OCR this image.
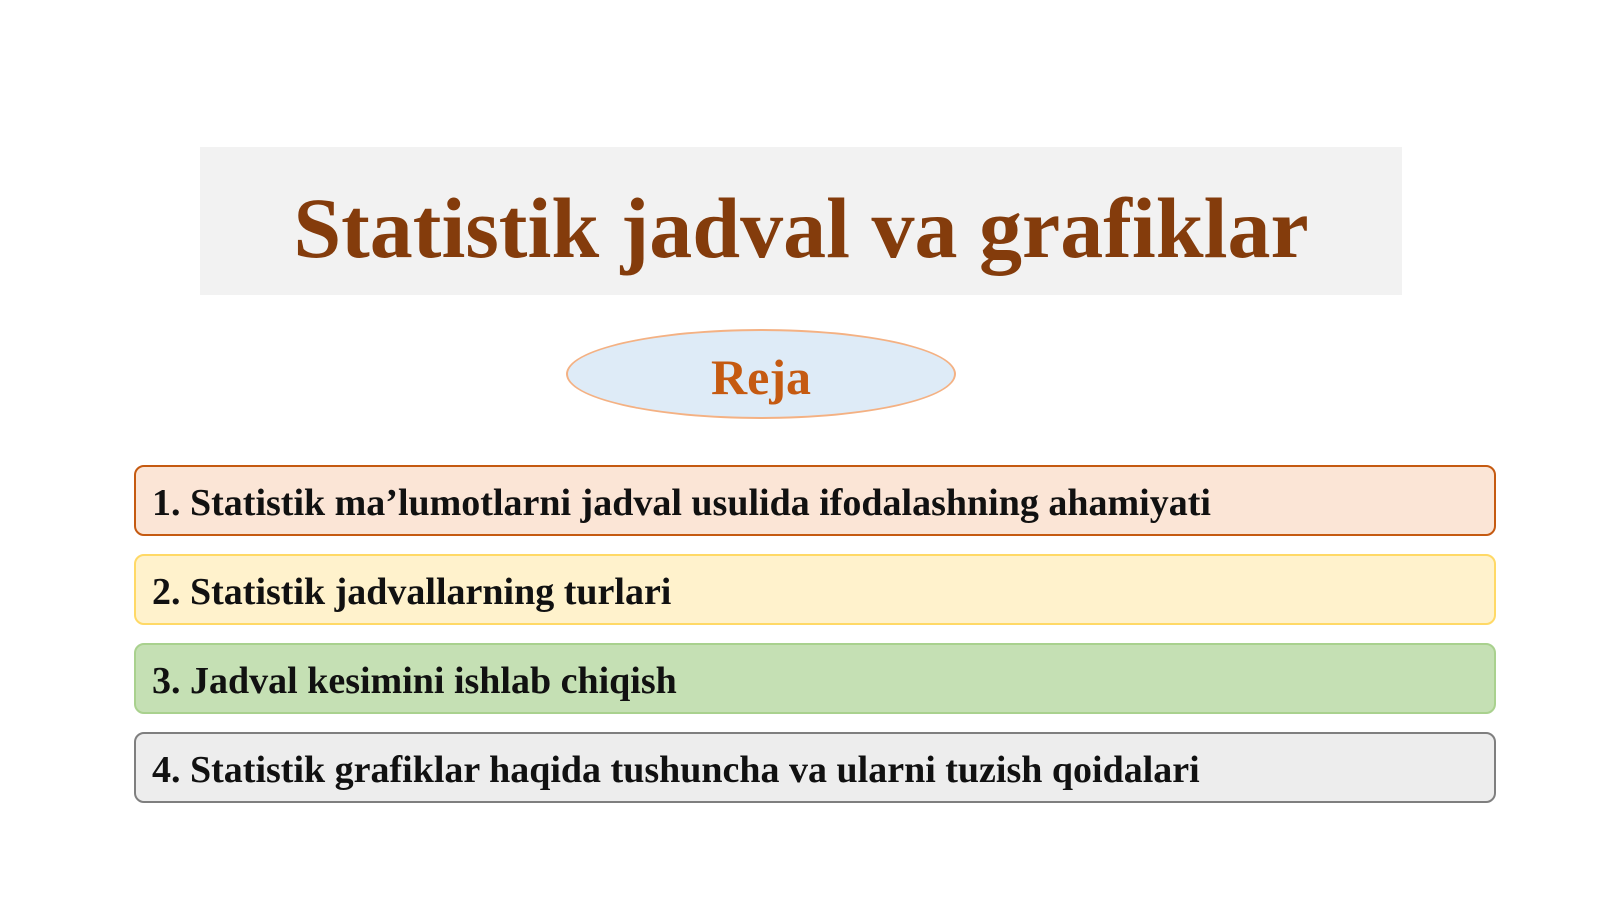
Statistik jadval va grafiklar
Reja
1. Statistik ma’lumotlarni jadval usulida ifodalashning ahamiyati
2. Statistik jadvallarning turlari
3. Jadval kesimini ishlab chiqish
4. Statistik grafiklar haqida tushuncha va ularni tuzish qoidalari
